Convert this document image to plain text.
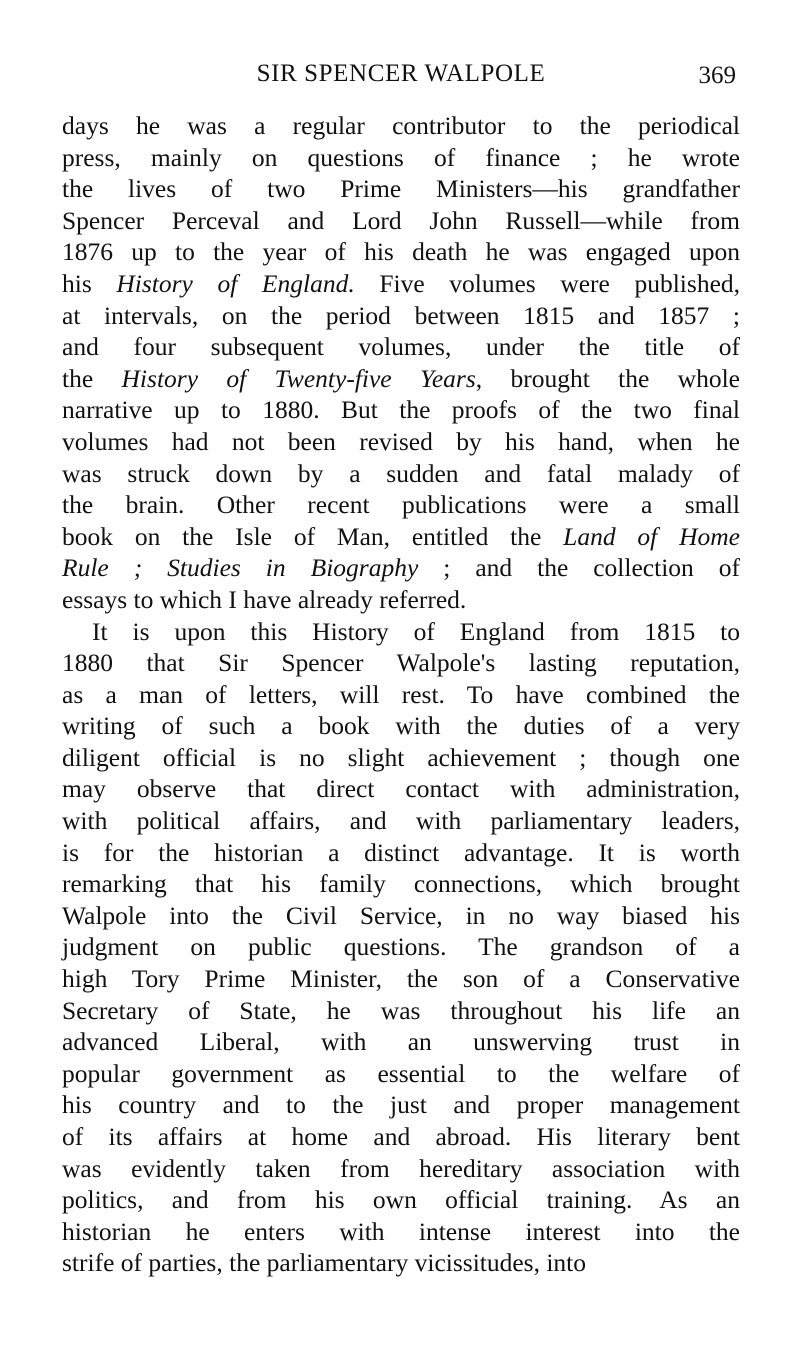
SIR SPENCER WALPOLE	369
days he was a regular contributor to the periodical
press, mainly on questions of finance ; he wrote
the lives of two Prime Ministers—his grandfather
Spencer Perceval and Lord John Russell—while from
1876 up to the year of his death he was engaged upon
his History of England. Five volumes were published,
at intervals, on the period between 1815 and 1857 ;
and four subsequent volumes, under the title of
the History of Twenty-five Years, brought the whole
narrative up to 1880. But the proofs of the two final
volumes had not been revised by his hand, when he
was struck down by a sudden and fatal malady of
the brain. Other recent publications were a small
book on the Isle of Man, entitled the Land of Home
Rule ; Studies in Biography ; and the collection of
essays to which I have already referred.
It is upon this History of England from 1815 to
1880 that Sir Spencer Walpole's lasting reputation,
as a man of letters, will rest. To have combined the
writing of such a book with the duties of a very
diligent official is no slight achievement ; though one
may observe that direct contact with administration,
with political affairs, and with parliamentary leaders,
is for the historian a distinct advantage. It is worth
remarking that his family connections, which brought
Walpole into the Civil Service, in no way biased his
judgment on public questions. The grandson of a
high Tory Prime Minister, the son of a Conservative
Secretary of State, he was throughout his life an
advanced Liberal, with an unswerving trust in
popular government as essential to the welfare of
his country and to the just and proper management
of its affairs at home and abroad. His literary bent
was evidently taken from hereditary association with
politics, and from his own official training. As an
historian he enters with intense interest into the
strife of parties, the parliamentary vicissitudes, into
